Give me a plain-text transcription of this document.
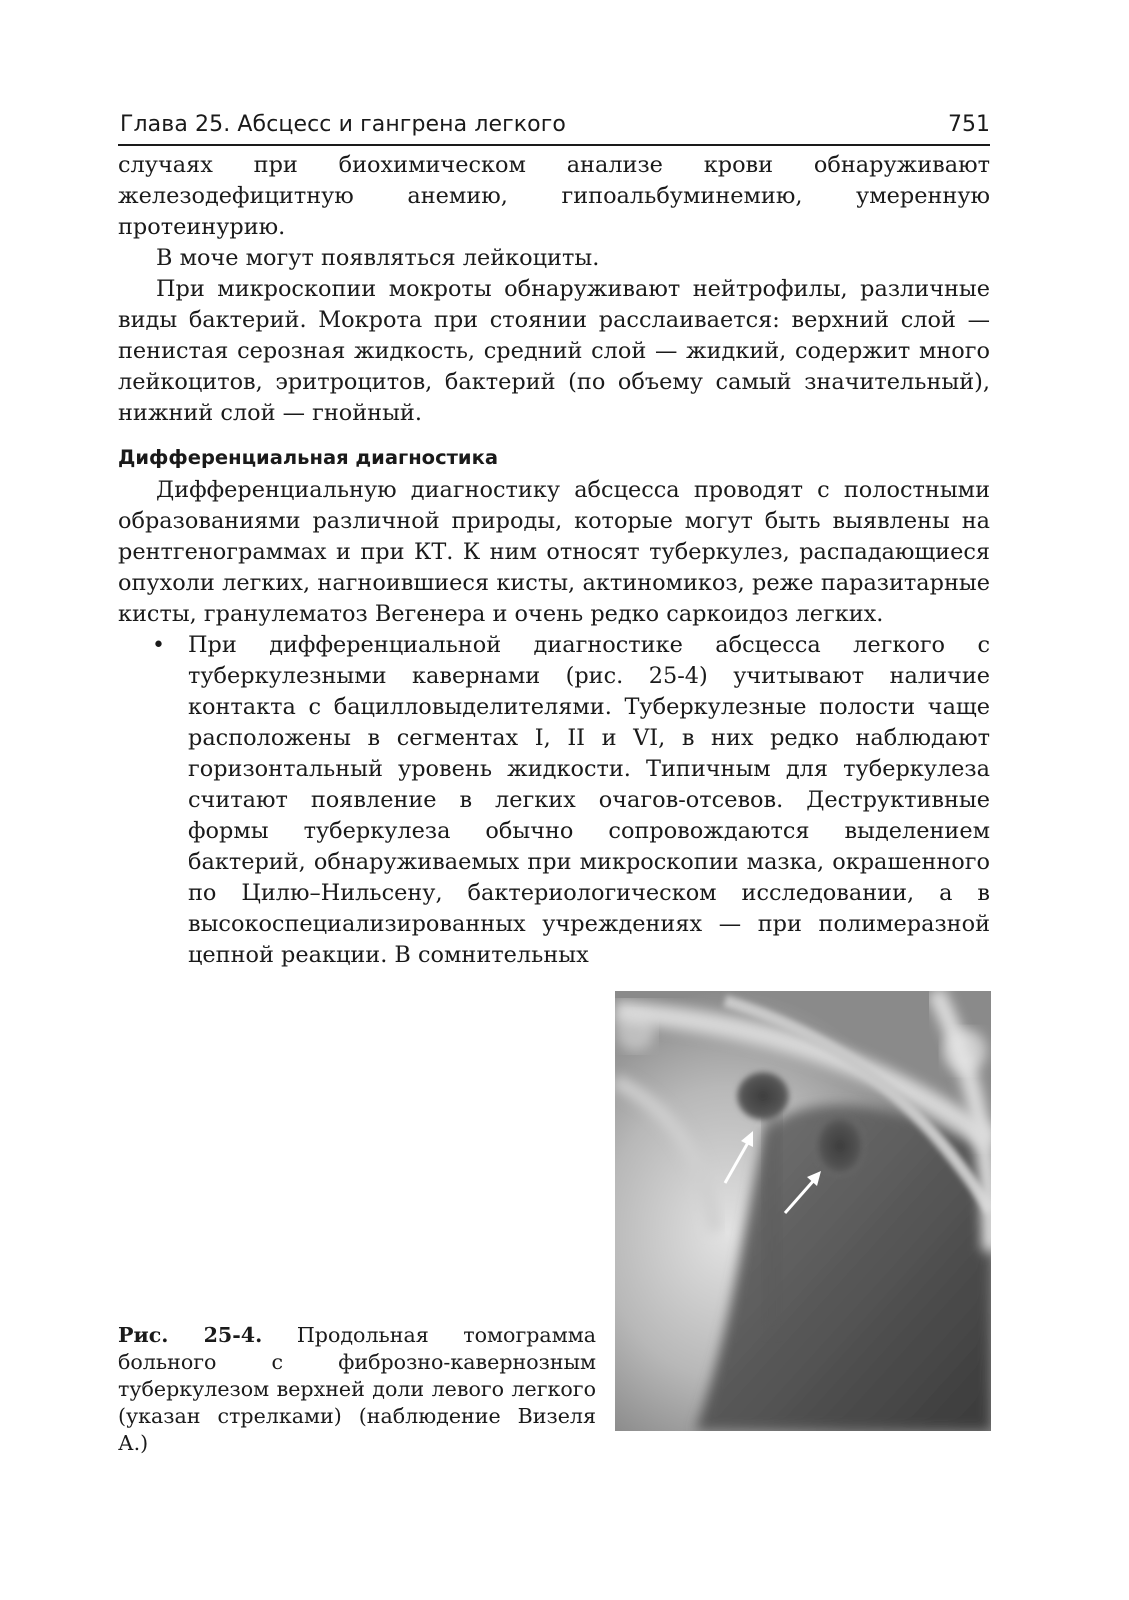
Глава 25. Абсцесс и гангрена легкого	751

случаях при биохимическом анализе крови обнаруживают железодефицитную анемию, гипоальбуминемию, умеренную протеинурию.

В моче могут появляться лейкоциты.

При микроскопии мокроты обнаруживают нейтрофилы, различные виды бактерий. Мокрота при стоянии расслаивается: верхний слой — пенистая серозная жидкость, средний слой — жидкий, содержит много лейкоцитов, эритроцитов, бактерий (по объему самый значительный), нижний слой — гнойный.

Дифференциальная диагностика

Дифференциальную диагностику абсцесса проводят с полостными образованиями различной природы, которые могут быть выявлены на рентгенограммах и при КТ. К ним относят туберкулез, распадающиеся опухоли легких, нагноившиеся кисты, актиномикоз, реже паразитарные кисты, гранулематоз Вегенера и очень редко саркоидоз легких.

• При дифференциальной диагностике абсцесса легкого с туберкулезными кавернами (рис. 25-4) учитывают наличие контакта с бацилловыделителями. Туберкулезные полости чаще расположены в сегментах I, II и VI, в них редко наблюдают горизонтальный уровень жидкости. Типичным для туберкулеза считают появление в легких очагов-отсевов. Деструктивные формы туберкулеза обычно сопровождаются выделением бактерий, обнаруживаемых при микроскопии мазка, окрашенного по Цилю–Нильсену, бактериологическом исследовании, а в высокоспециализированных учреждениях — при полимеразной цепной реакции. В сомнительных
Рис. 25-4. Продольная томограмма больного с фиброзно-кавернозным туберкулезом верхней доли левого легкого (указан стрелками) (наблюдение Визеля А.)
